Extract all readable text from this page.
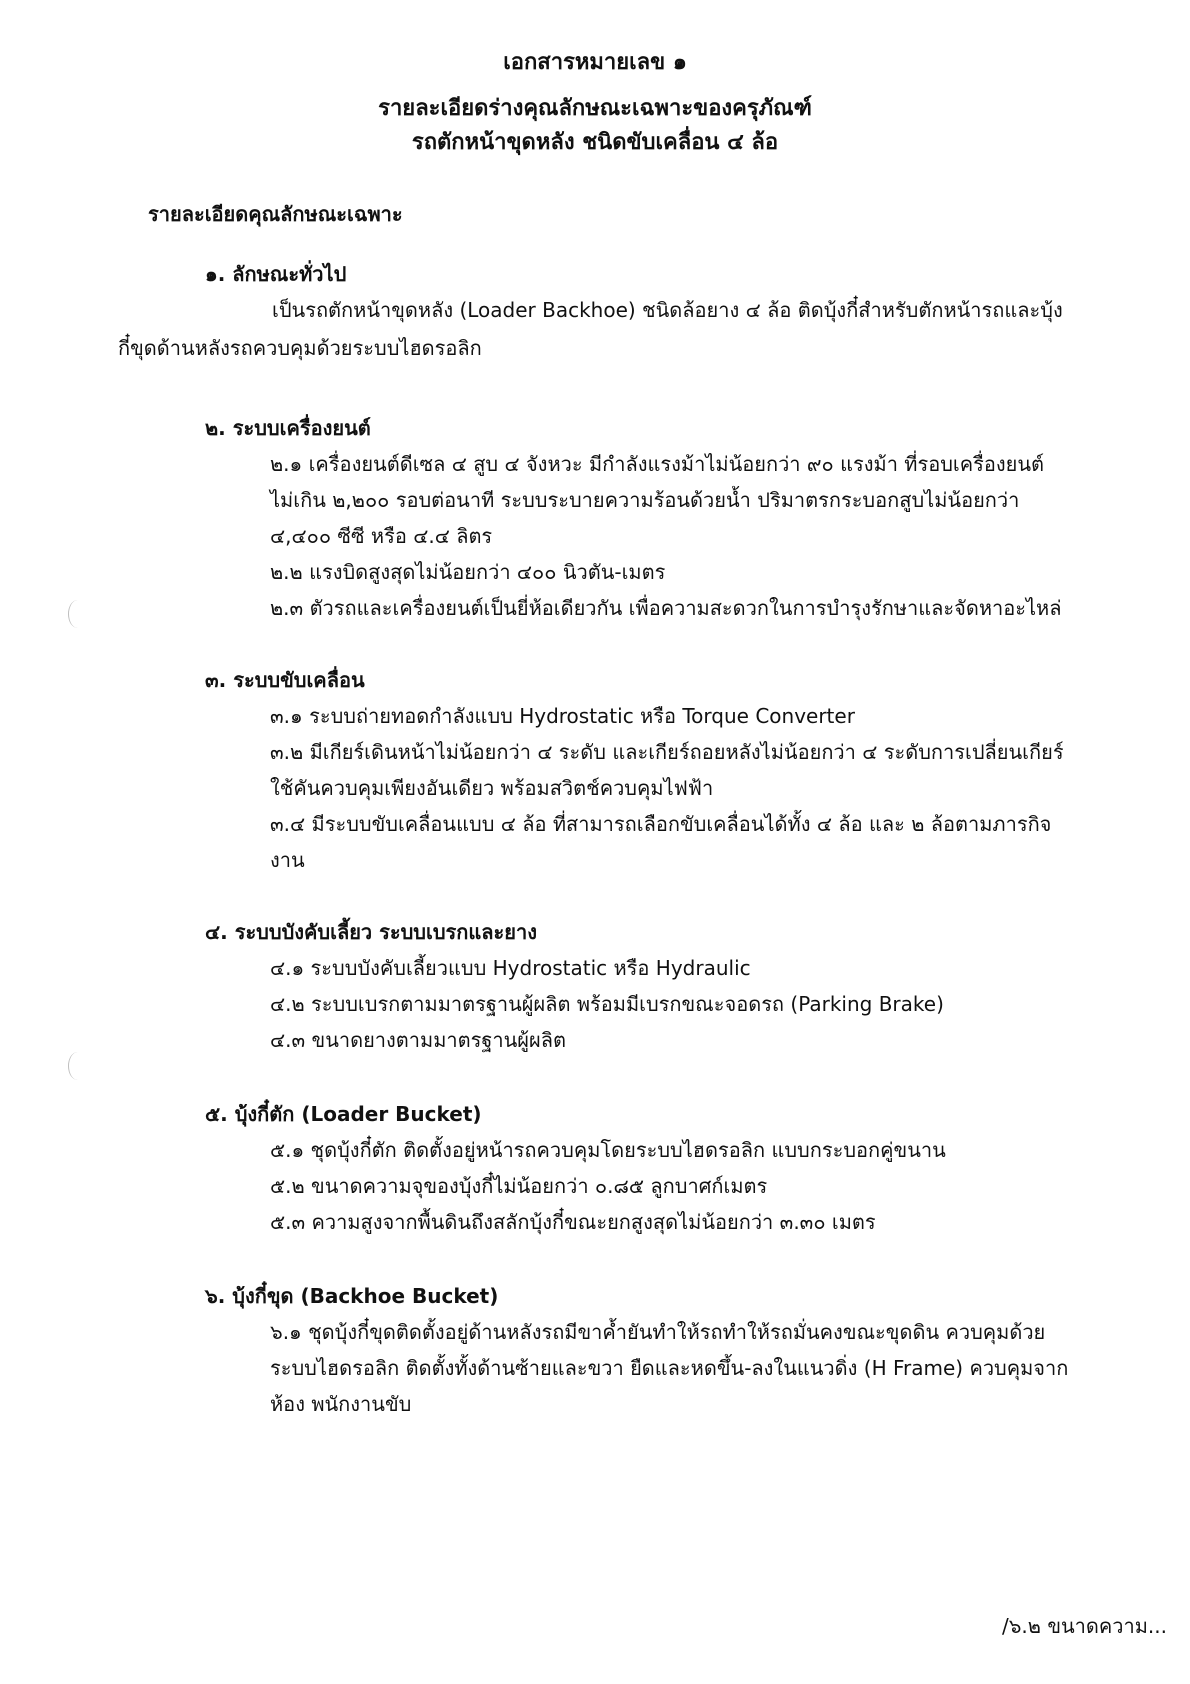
เอกสารหมายเลข ๑
รายละเอียดร่างคุณลักษณะเฉพาะของครุภัณฑ์
รถตักหน้าขุดหลัง ชนิดขับเคลื่อน ๔ ล้อ
รายละเอียดคุณลักษณะเฉพาะ
๑. ลักษณะทั่วไป
เป็นรถตักหน้าขุดหลัง (Loader Backhoe) ชนิดล้อยาง ๔ ล้อ ติดบุ้งกี๋สำหรับตักหน้ารถและบุ้ง
กี๋ขุดด้านหลังรถควบคุมด้วยระบบไฮดรอลิก
๒. ระบบเครื่องยนต์
๒.๑ เครื่องยนต์ดีเซล ๔ สูบ ๔ จังหวะ มีกำลังแรงม้าไม่น้อยกว่า ๙๐ แรงม้า ที่รอบเครื่องยนต์
ไม่เกิน ๒,๒๐๐ รอบต่อนาที ระบบระบายความร้อนด้วยน้ำ ปริมาตรกระบอกสูบไม่น้อยกว่า
๔,๔๐๐ ซีซี หรือ ๔.๔ ลิตร
๒.๒ แรงบิดสูงสุดไม่น้อยกว่า ๔๐๐ นิวตัน-เมตร
๒.๓ ตัวรถและเครื่องยนต์เป็นยี่ห้อเดียวกัน เพื่อความสะดวกในการบำรุงรักษาและจัดหาอะไหล่
๓. ระบบขับเคลื่อน
๓.๑ ระบบถ่ายทอดกำลังแบบ Hydrostatic หรือ Torque Converter
๓.๒ มีเกียร์เดินหน้าไม่น้อยกว่า ๔ ระดับ และเกียร์ถอยหลังไม่น้อยกว่า ๔ ระดับการเปลี่ยนเกียร์
ใช้คันควบคุมเพียงอันเดียว พร้อมสวิตช์ควบคุมไฟฟ้า
๓.๔ มีระบบขับเคลื่อนแบบ ๔ ล้อ ที่สามารถเลือกขับเคลื่อนได้ทั้ง ๔ ล้อ และ ๒ ล้อตามภารกิจ
งาน
๔. ระบบบังคับเลี้ยว ระบบเบรกและยาง
๔.๑ ระบบบังคับเลี้ยวแบบ Hydrostatic หรือ Hydraulic
๔.๒ ระบบเบรกตามมาตรฐานผู้ผลิต พร้อมมีเบรกขณะจอดรถ (Parking Brake)
๔.๓ ขนาดยางตามมาตรฐานผู้ผลิต
๕. บุ้งกี๋ตัก (Loader Bucket)
๕.๑ ชุดบุ้งกี๋ตัก ติดตั้งอยู่หน้ารถควบคุมโดยระบบไฮดรอลิก แบบกระบอกคู่ขนาน
๕.๒ ขนาดความจุของบุ้งกี๋ไม่น้อยกว่า ๐.๘๕ ลูกบาศก์เมตร
๕.๓ ความสูงจากพื้นดินถึงสลักบุ้งกี๋ขณะยกสูงสุดไม่น้อยกว่า ๓.๓๐ เมตร
๖. บุ้งกี๋ขุด (Backhoe Bucket)
๖.๑ ชุดบุ้งกี๋ขุดติดตั้งอยู่ด้านหลังรถมีขาค้ำยันทำให้รถทำให้รถมั่นคงขณะขุดดิน ควบคุมด้วย
ระบบไฮดรอลิก ติดตั้งทั้งด้านซ้ายและขวา ยืดและหดขึ้น-ลงในแนวดิ่ง (H Frame) ควบคุมจาก
ห้อง พนักงานขับ
/๖.๒ ขนาดความ...
